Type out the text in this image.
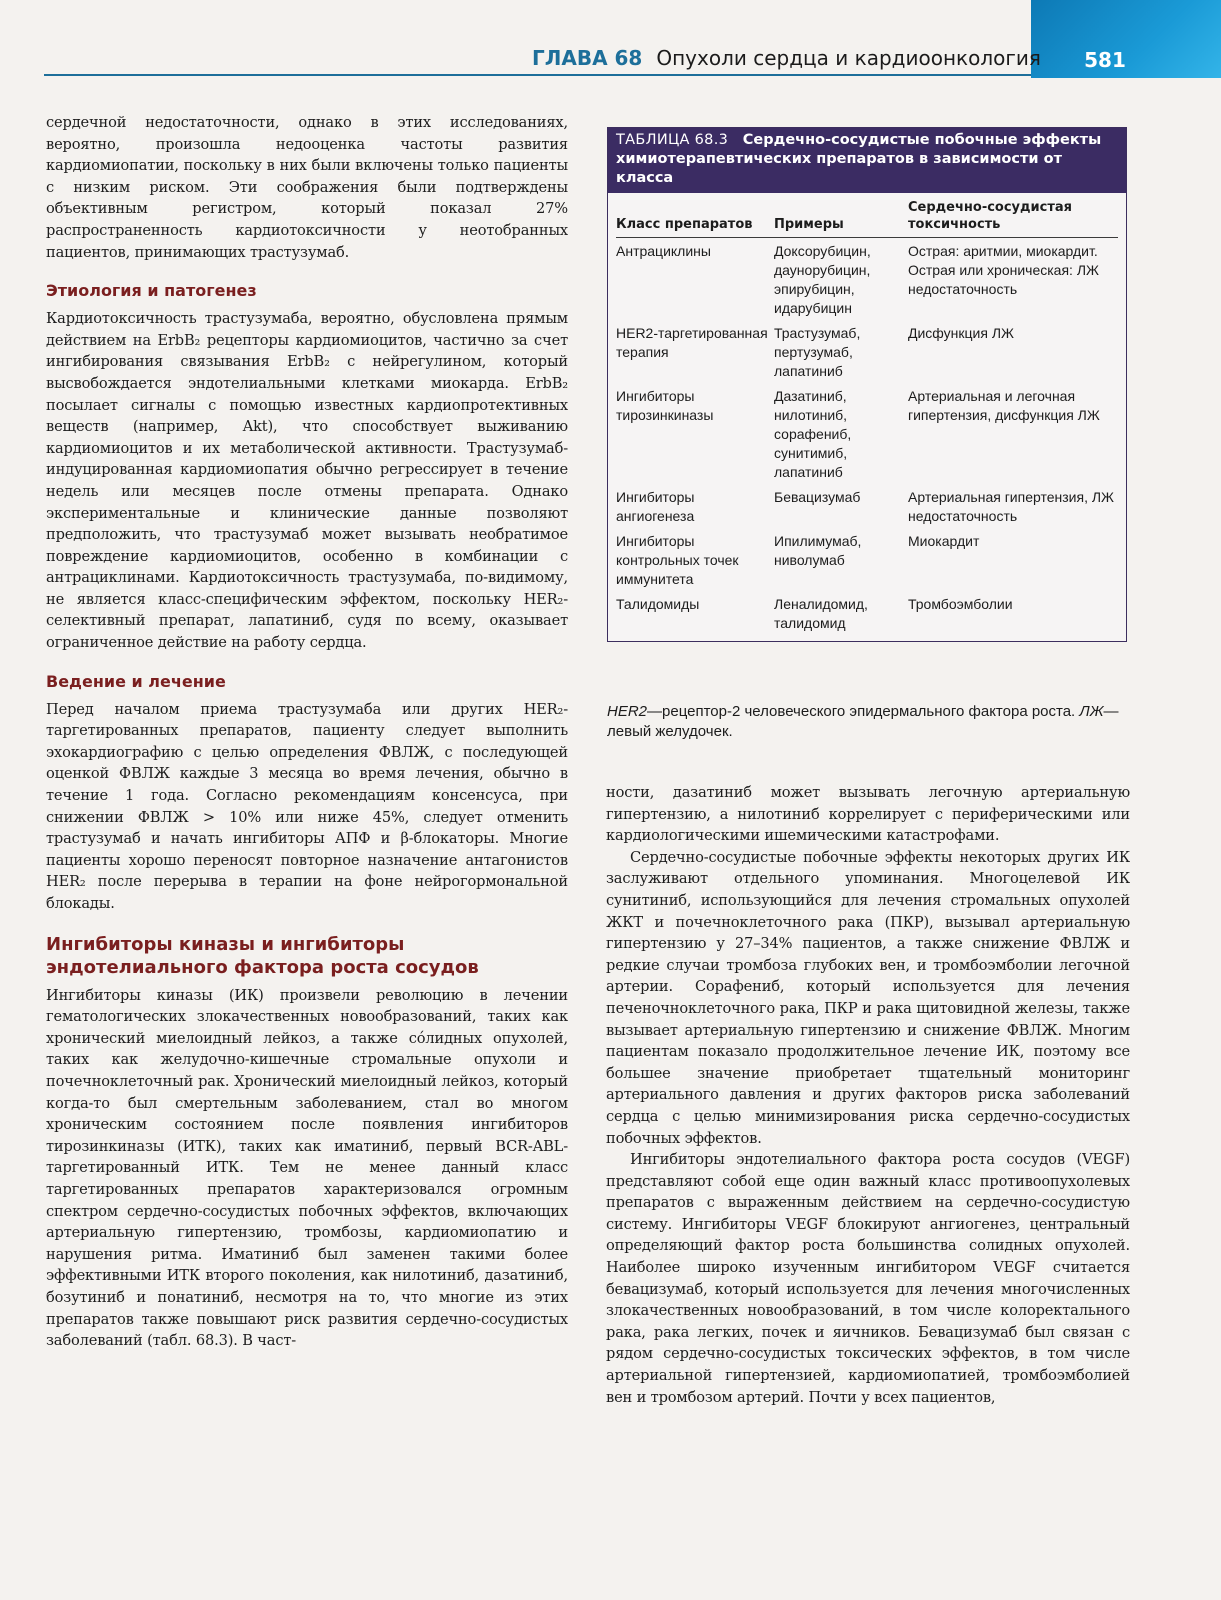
ГЛАВА 68 Опухоли сердца и кардиоонкология	581

сердечной недостаточности, однако в этих исследованиях, вероятно, произошла недооценка частоты развития кардиомиопатии, поскольку в них были включены только пациенты с низким риском. Эти соображения были подтверждены объективным регистром, который показал 27% распространенность кардиотоксичности у неотобранных пациентов, принимающих трастузумаб.

Этиология и патогенез

Кардиотоксичность трастузумаба, вероятно, обусловлена прямым действием на ErbB₂ рецепторы кардиомиоцитов, частично за счет ингибирования связывания ErbB₂ с нейрегулином, который высвобождается эндотелиальными клетками миокарда. ErbB₂ посылает сигналы с помощью известных кардиопротективных веществ (например, Akt), что способствует выживанию кардиомиоцитов и их метаболической активности. Трастузумаб-индуцированная кардиомиопатия обычно регрессирует в течение недель или месяцев после отмены препарата. Однако экспериментальные и клинические данные позволяют предположить, что трастузумаб может вызывать необратимое повреждение кардиомиоцитов, особенно в комбинации с антрациклинами. Кардиотоксичность трастузумаба, по-видимому, не является класс-специфическим эффектом, поскольку HER₂-селективный препарат, лапатиниб, судя по всему, оказывает ограниченное действие на работу сердца.

Ведение и лечение

Перед началом приема трастузумаба или других HER₂-таргетированных препаратов, пациенту следует выполнить эхокардиографию с целью определения ФВЛЖ, с последующей оценкой ФВЛЖ каждые 3 месяца во время лечения, обычно в течение 1 года. Согласно рекомендациям консенсуса, при снижении ФВЛЖ > 10% или ниже 45%, следует отменить трастузумаб и начать ингибиторы АПФ и β-блокаторы. Многие пациенты хорошо переносят повторное назначение антагонистов HER₂ после перерыва в терапии на фоне нейрогормональной блокады.

Ингибиторы киназы и ингибиторы
эндотелиального фактора роста сосудов

Ингибиторы киназы (ИК) произвели революцию в лечении гематологических злокачественных новообразований, таких как хронический миелоидный лейкоз, а также сóлидных опухолей, таких как желудочно-кишечные стромальные опухоли и почечноклеточный рак. Хронический миелоидный лейкоз, который когда-то был смертельным заболеванием, стал во многом хроническим состоянием после появления ингибиторов тирозинкиназы (ИТК), таких как иматиниб, первый BCR-ABL-таргетированный ИТК. Тем не менее данный класс таргетированных препаратов характеризовался огромным спектром сердечно-сосудистых побочных эффектов, включающих артериальную гипертензию, тромбозы, кардиомиопатию и нарушения ритма. Иматиниб был заменен такими более эффективными ИТК второго поколения, как нилотиниб, дазатиниб, бозутиниб и понатиниб, несмотря на то, что многие из этих препаратов также повышают риск развития сердечно-сосудистых заболеваний (табл. 68.3). В част-

ТАБЛИЦА 68.3 Сердечно-сосудистые побочные эффекты химиотерапевтических препаратов в зависимости от класса
Класс препаратов	Примеры	Сердечно-сосудистая токсичность
Антрациклины	Доксорубицин, даунорубицин, эпирубицин, идарубицин	Острая: аритмии, миокардит. Острая или хроническая: ЛЖ недостаточность
HER2-таргетированная терапия	Трастузумаб, пертузумаб, лапатиниб	Дисфункция ЛЖ
Ингибиторы тирозинкиназы	Дазатиниб, нилотиниб, сорафениб, сунитимиб, лапатиниб	Артериальная и легочная гипертензия, дисфункция ЛЖ
Ингибиторы ангиогенеза	Бевацизумаб	Артериальная гипертензия, ЛЖ недостаточность
Ингибиторы контрольных точек иммунитета	Ипилимумаб, ниволумаб	Миокардит
Талидомиды	Леналидомид, талидомид	Тромбоэмболии
HER2—рецептор-2 человеческого эпидермального фактора роста. ЛЖ—левый желудочек.

ности, дазатиниб может вызывать легочную артериальную гипертензию, а нилотиниб коррелирует с периферическими или кардиологическими ишемическими катастрофами.

Сердечно-сосудистые побочные эффекты некоторых других ИК заслуживают отдельного упоминания. Многоцелевой ИК сунитиниб, использующийся для лечения стромальных опухолей ЖКТ и почечноклеточного рака (ПКР), вызывал артериальную гипертензию у 27–34% пациентов, а также снижение ФВЛЖ и редкие случаи тромбоза глубоких вен, и тромбоэмболии легочной артерии. Сорафениб, который используется для лечения печеночноклеточного рака, ПКР и рака щитовидной железы, также вызывает артериальную гипертензию и снижение ФВЛЖ. Многим пациентам показало продолжительное лечение ИК, поэтому все большее значение приобретает тщательный мониторинг артериального давления и других факторов риска заболеваний сердца с целью минимизирования риска сердечно-сосудистых побочных эффектов.

Ингибиторы эндотелиального фактора роста сосудов (VEGF) представляют собой еще один важный класс противоопухолевых препаратов с выраженным действием на сердечно-сосудистую систему. Ингибиторы VEGF блокируют ангиогенез, центральный определяющий фактор роста большинства солидных опухолей. Наиболее широко изученным ингибитором VEGF считается бевацизумаб, который используется для лечения многочисленных злокачественных новообразований, в том числе колоректального рака, рака легких, почек и яичников. Бевацизумаб был связан с рядом сердечно-сосудистых токсических эффектов, в том числе артериальной гипертензией, кардиомиопатией, тромбоэмболией вен и тромбозом артерий. Почти у всех пациентов,
